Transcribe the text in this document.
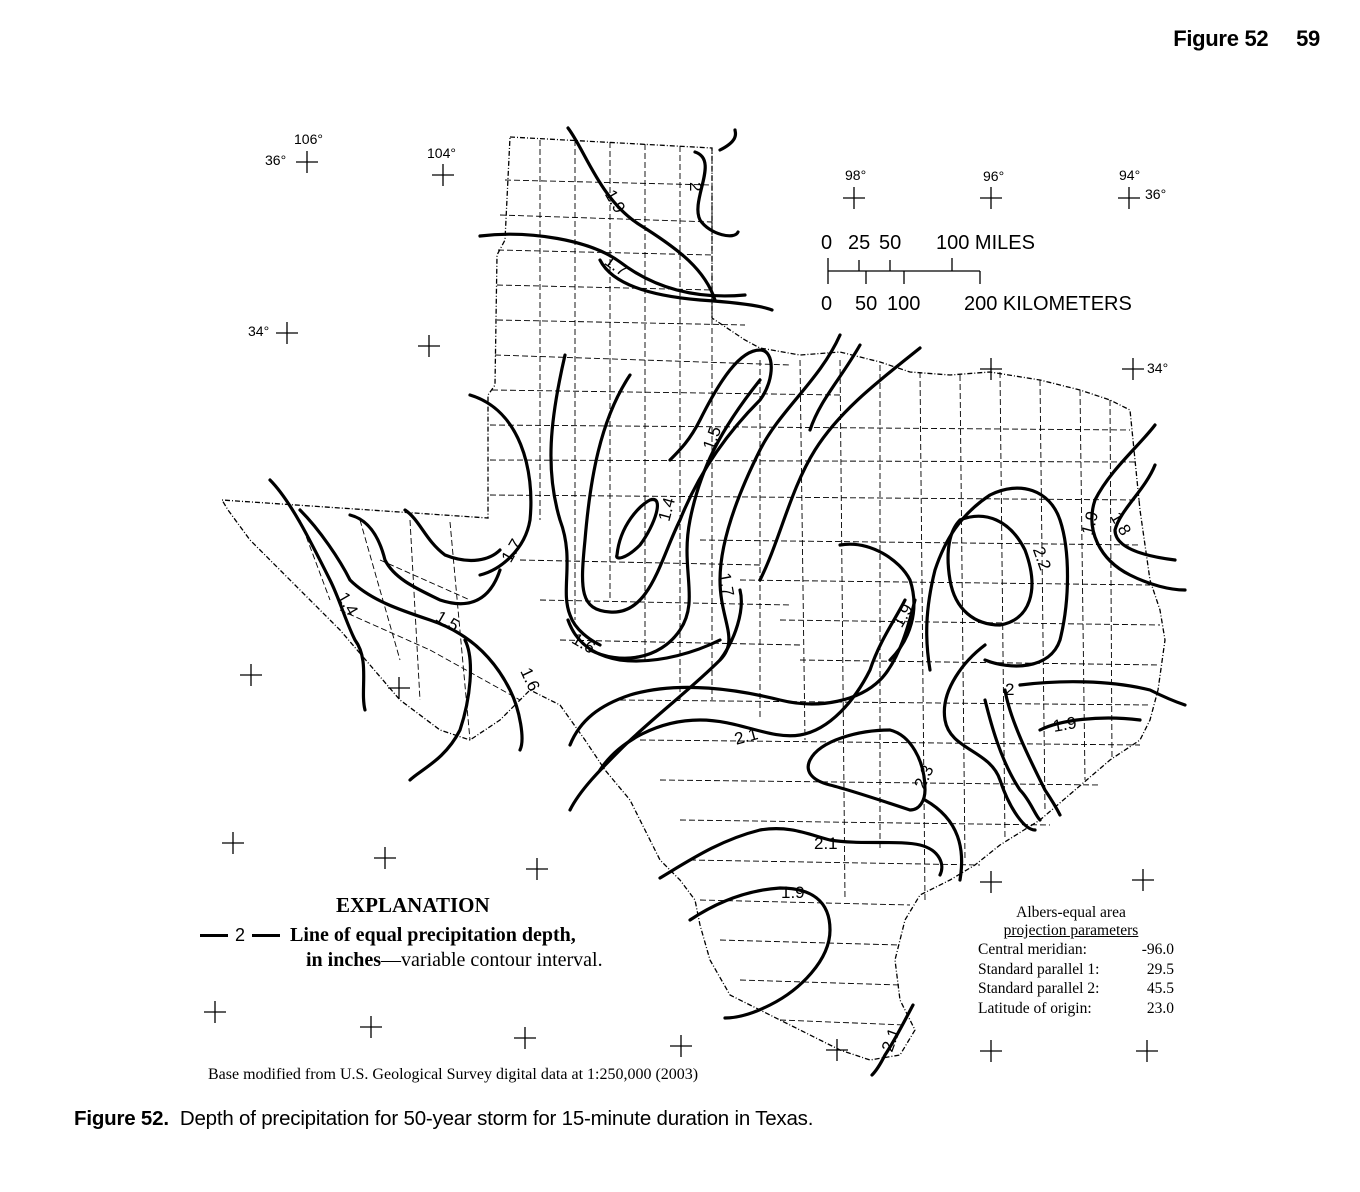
Figure 52 59
106°
104°
98°	96°	94°
36°
36°
34°
34°
0 25 50 100 MILES
0 50 100 200 KILOMETERS
1.9	2
1.7
1.5
1.4
1.7
1.7
1.4
1.5
1.6
1.6
1.9
2.2
1.9 1.8
2
1.9
2.1
2.3
2.1
1.9
2.1
EXPLANATION
2 Line of equal precipitation depth,
in inches—variable contour interval.
Albers-equal area
projection parameters
Central meridian:	-96.0
Standard parallel 1:	29.5
Standard parallel 2:	45.5
Latitude of origin:	23.0
Base modified from U.S. Geological Survey digital data at 1:250,000 (2003)
Figure 52. Depth of precipitation for 50-year storm for 15-minute duration in Texas.
